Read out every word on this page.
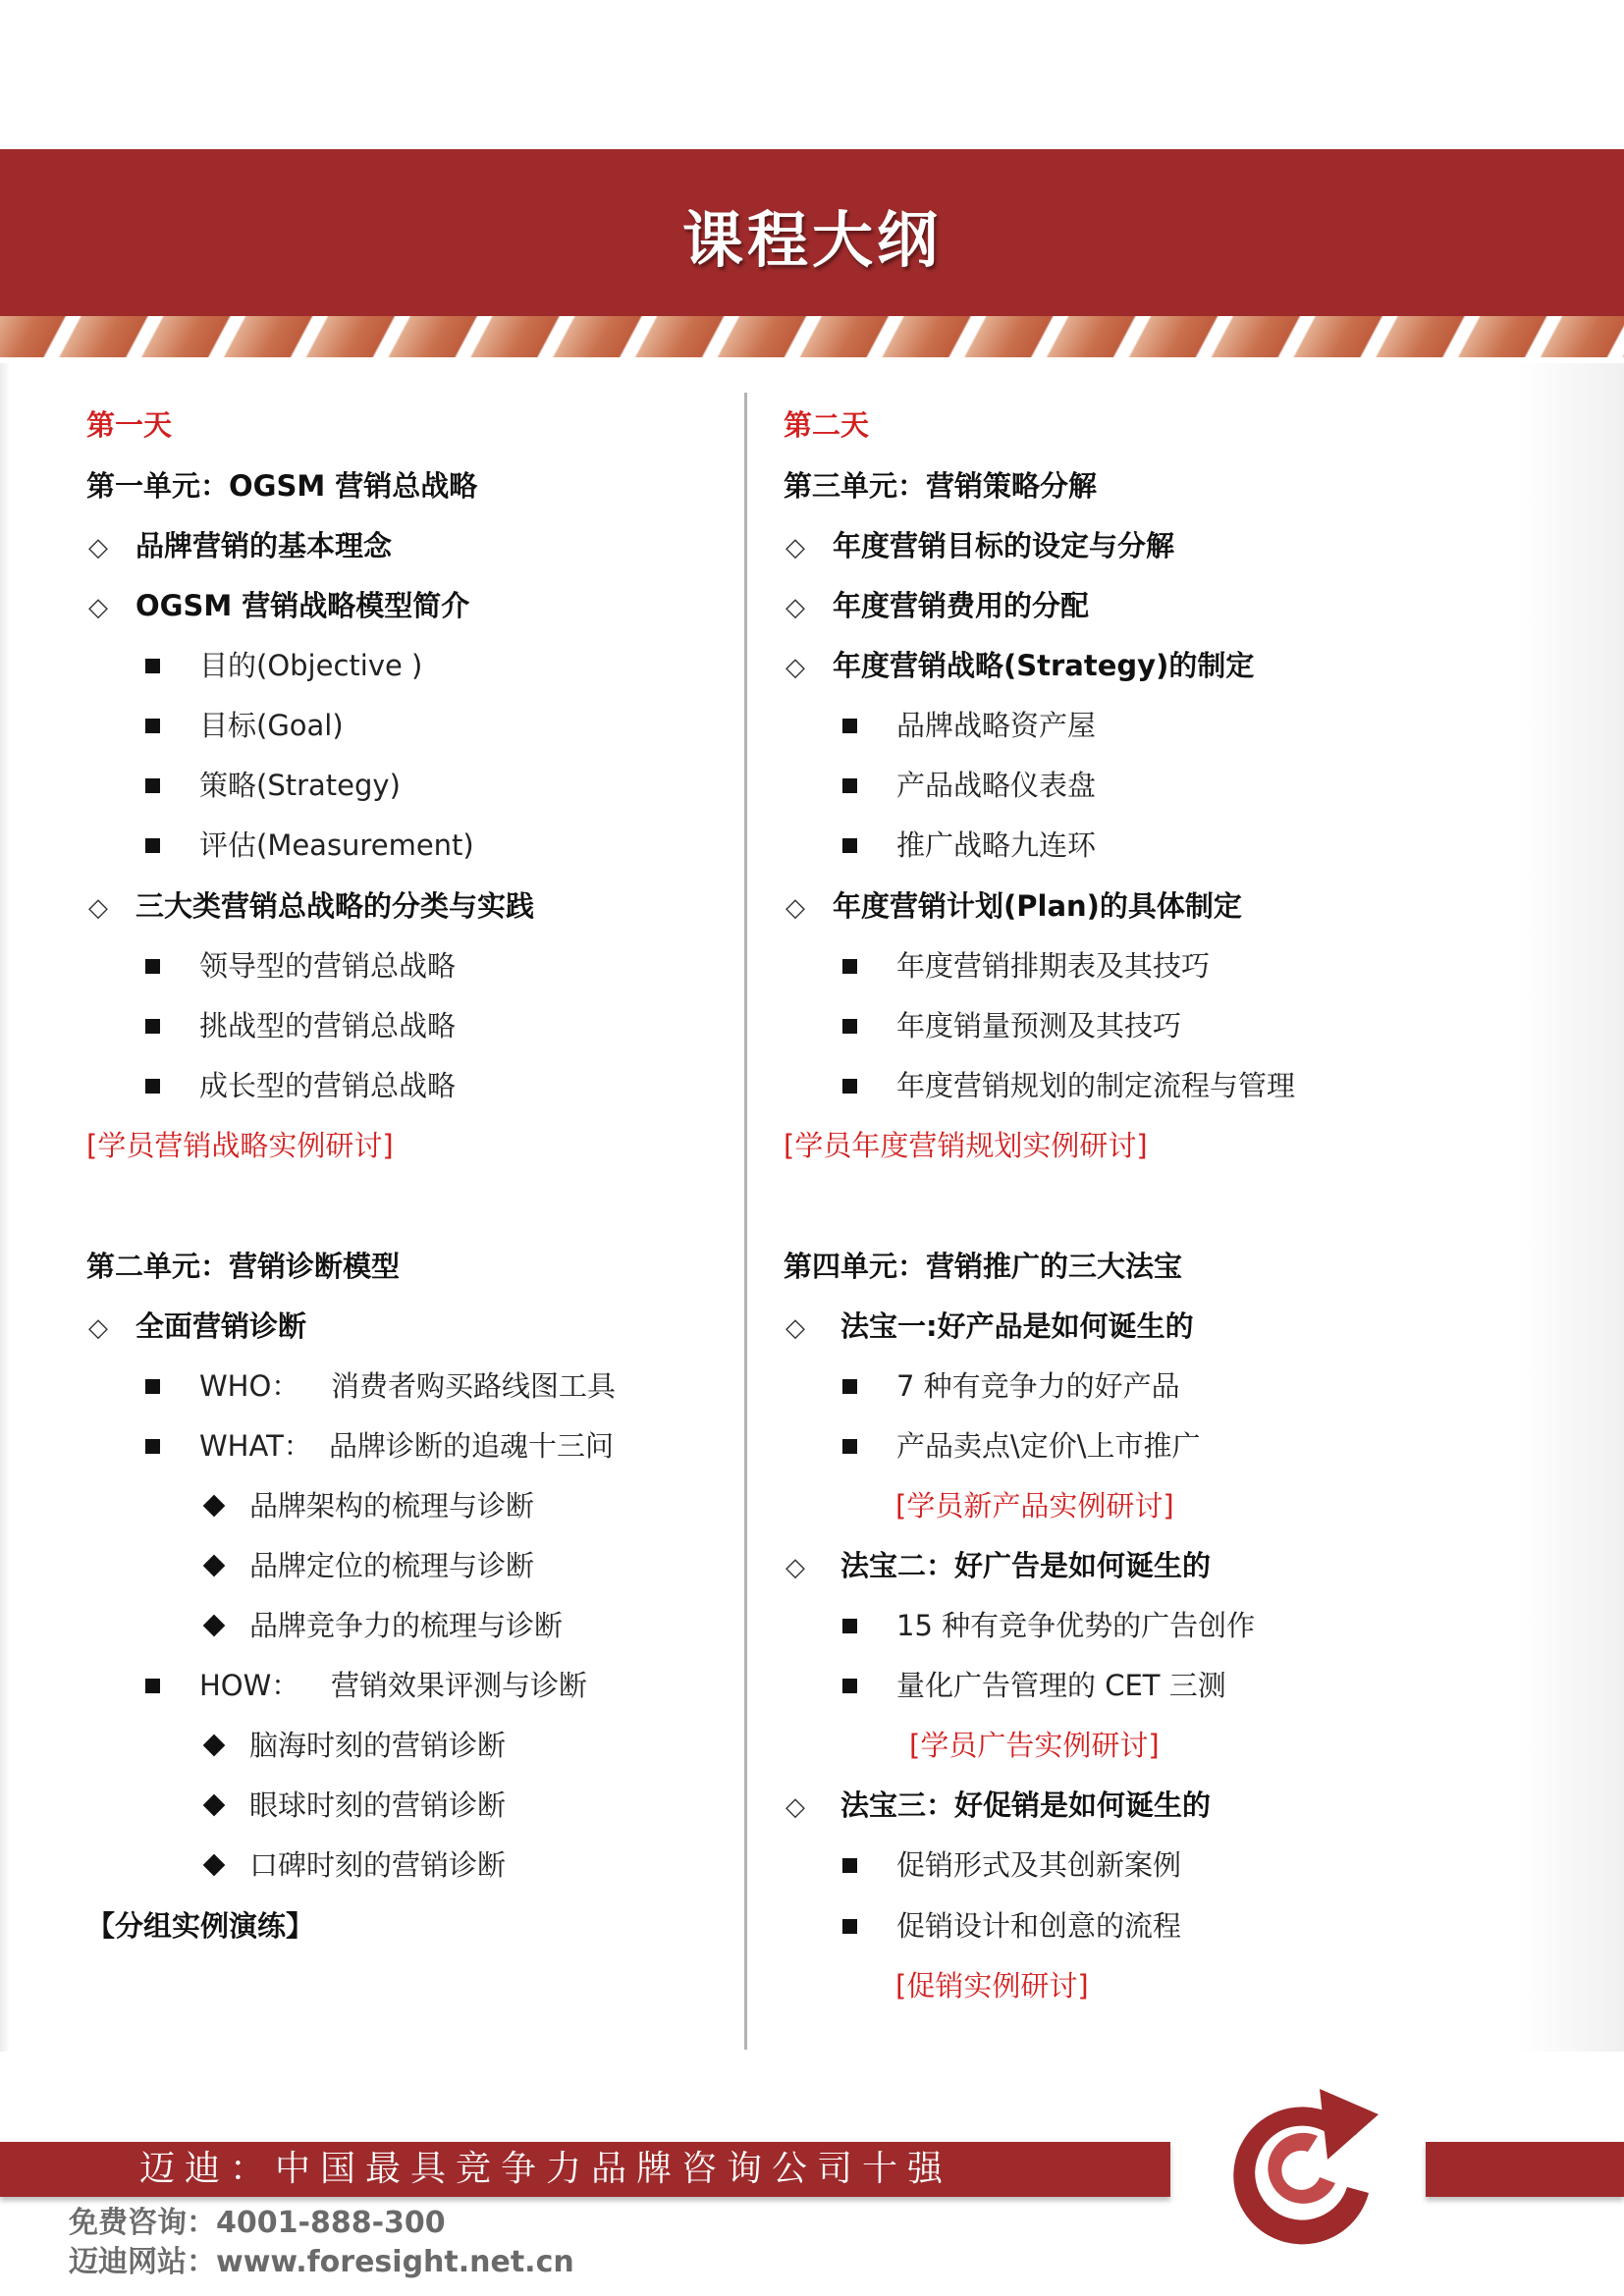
课程大纲
第一天
第一单元：OGSM 营销总战略
◇ 品牌营销的基本理念
◇ OGSM 营销战略模型简介
目的(Objective )
目标(Goal)
策略(Strategy)
评估(Measurement)
◇ 三大类营销总战略的分类与实践
领导型的营销总战略
挑战型的营销总战略
成长型的营销总战略
[学员营销战略实例研讨]
第二单元：营销诊断模型
◇ 全面营销诊断
WHO： 消费者购买路线图工具
WHAT： 品牌诊断的追魂十三问
品牌架构的梳理与诊断
品牌定位的梳理与诊断
品牌竞争力的梳理与诊断
HOW： 营销效果评测与诊断
脑海时刻的营销诊断
眼球时刻的营销诊断
口碑时刻的营销诊断
【分组实例演练】
第二天
第三单元：营销策略分解
◇ 年度营销目标的设定与分解
◇ 年度营销费用的分配
◇ 年度营销战略(Strategy)的制定
品牌战略资产屋
产品战略仪表盘
推广战略九连环
◇ 年度营销计划(Plan)的具体制定
年度营销排期表及其技巧
年度销量预测及其技巧
年度营销规划的制定流程与管理
[学员年度营销规划实例研讨]
第四单元：营销推广的三大法宝
◇ 法宝一:好产品是如何诞生的
7 种有竞争力的好产品
产品卖点\定价\上市推广
[学员新产品实例研讨]
◇ 法宝二：好广告是如何诞生的
15 种有竞争优势的广告创作
量化广告管理的 CET 三测
[学员广告实例研讨]
◇ 法宝三：好促销是如何诞生的
促销形式及其创新案例
促销设计和创意的流程
[促销实例研讨]
迈迪：中国最具竞争力品牌咨询公司十强
免费咨询：4001-888-300
迈迪网站：www.foresight.net.cn
